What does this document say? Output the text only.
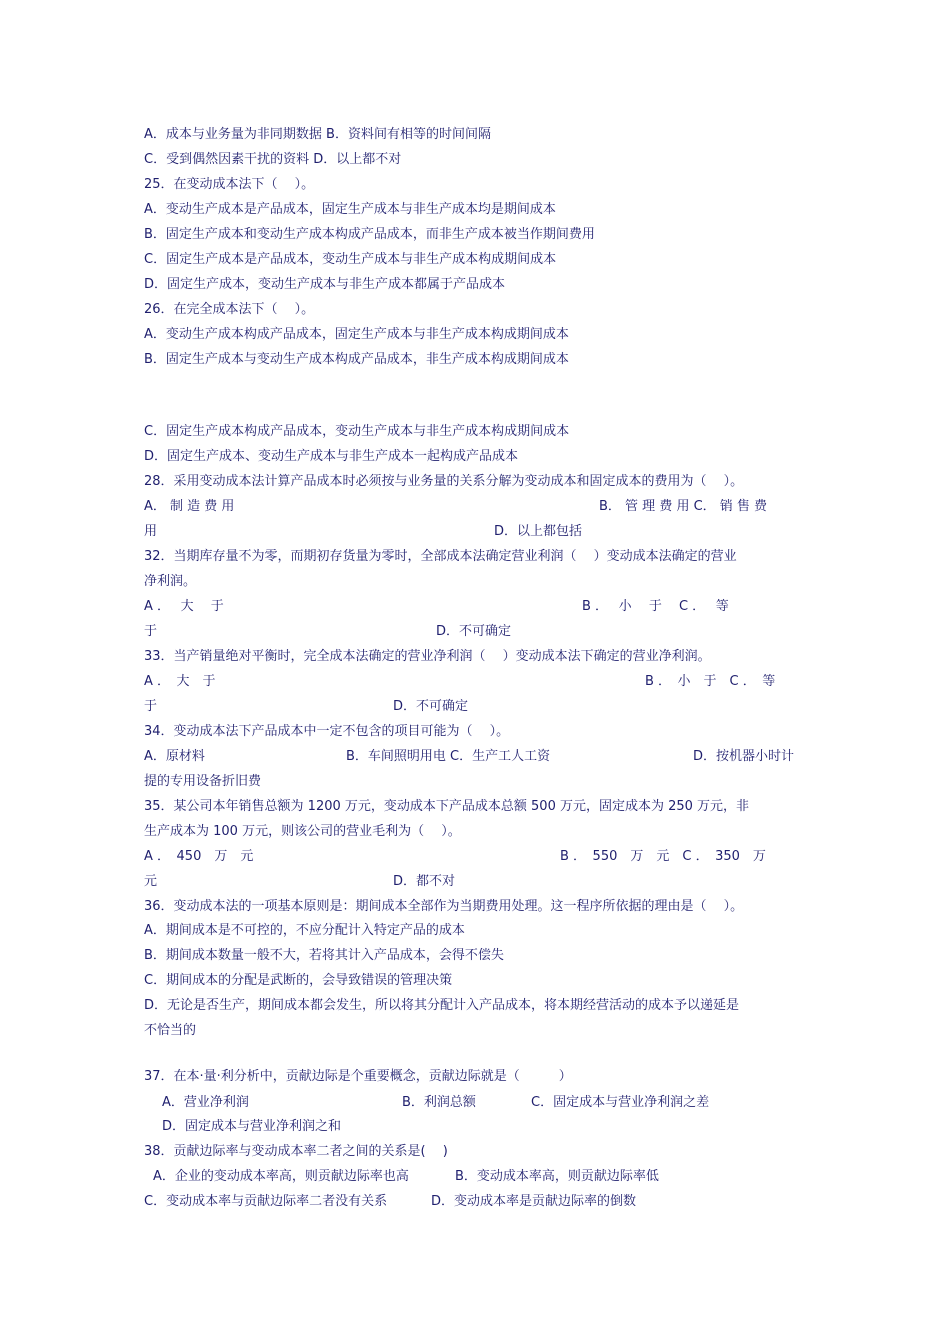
A．成本与业务量为非同期数据 B．资料间有相等的时间间隔
C．受到偶然因素干扰的资料 D．以上都不对
25．在变动成本法下（　 ）。
A．变动生产成本是产品成本，固定生产成本与非生产成本均是期间成本
B．固定生产成本和变动生产成本构成产品成本，而非生产成本被当作期间费用
C．固定生产成本是产品成本，变动生产成本与非生产成本构成期间成本
D．固定生产成本，变动生产成本与非生产成本都属于产品成本
26．在完全成本法下（　 ）。
A．变动生产成本构成产品成本，固定生产成本与非生产成本构成期间成本
B．固定生产成本与变动生产成本构成产品成本，非生产成本构成期间成本
C．固定生产成本构成产品成本，变动生产成本与非生产成本构成期间成本
D．固定生产成本、变动生产成本与非生产成本一起构成产品成本
28．采用变动成本法计算产品成本时必须按与业务量的关系分解为变动成本和固定成本的费用为（　 ）。
A． 制 造 费 用	B． 管 理 费 用 C． 销 售 费
用	D．以上都包括
32．当期库存量不为零，而期初存货量为零时，全部成本法确定营业利润（　 ）变动成本法确定的营业
净利润。
A ．　 大　 于	B ．　 小　 于　 C ．　 等
于	D．不可确定
33．当产销量绝对平衡时，完全成本法确定的营业净利润（　 ）变动成本法下确定的营业净利润。
A ．　大　于	B ．　小　于　C ．　等
于	D．不可确定
34．变动成本法下产品成本中一定不包含的项目可能为（　 ）。
A．原材料	B．车间照明用电 C．生产工人工资	D．按机器小时计
提的专用设备折旧费
35．某公司本年销售总额为 1200 万元，变动成本下产品成本总额 500 万元，固定成本为 250 万元，非
生产成本为 100 万元，则该公司的营业毛利为（　 ）。
A ．　450　万　元	B ．　550　万　元　C ．　350　万
元	D．都不对
36．变动成本法的一项基本原则是：期间成本全部作为当期费用处理。这一程序所依据的理由是（　 ）。
A．期间成本是不可控的，不应分配计入特定产品的成本
B．期间成本数量一般不大，若将其计入产品成本，会得不偿失
C．期间成本的分配是武断的，会导致错误的管理决策
D．无论是否生产，期间成本都会发生，所以将其分配计入产品成本，将本期经营活动的成本予以递延是
不恰当的
37．在本·量·利分析中，贡献边际是个重要概念，贡献边际就是（　　　）
A．营业净利润	B．利润总额	C．固定成本与营业净利润之差
D．固定成本与营业净利润之和
38．贡献边际率与变动成本率二者之间的关系是(　 )
A．企业的变动成本率高，则贡献边际率也高	B．变动成本率高，则贡献边际率低
C．变动成本率与贡献边际率二者没有关系	D．变动成本率是贡献边际率的倒数
